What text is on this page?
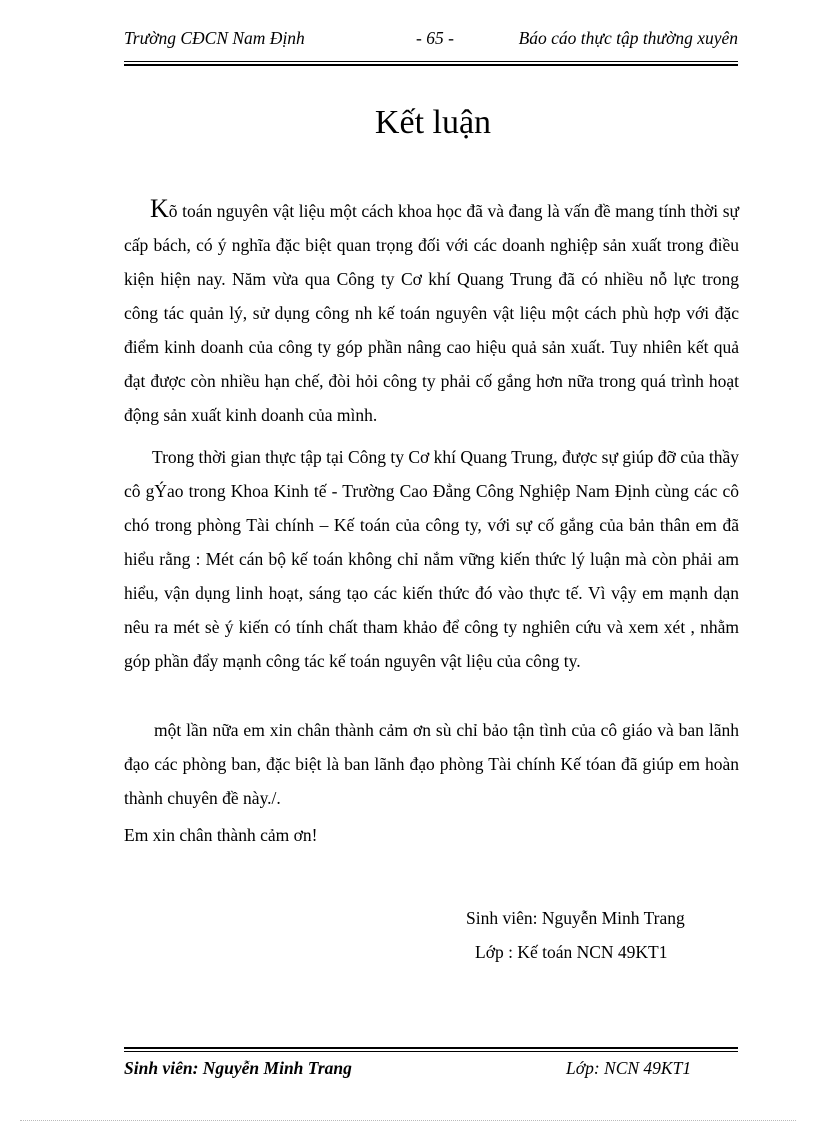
Trường CĐCN Nam Định	- 65 -	Báo cáo thực tập thường xuyên
Kết luận

Kõ toán nguyên vật liệu một cách khoa học đã và đang là vấn đề mang tính thời sự cấp bách, có ý nghĩa đặc biệt quan trọng đối với các doanh nghiệp sản xuất trong điều kiện hiện nay. Năm vừa qua Công ty Cơ khí Quang Trung đã có nhiều nỗ lực trong công tác quản lý, sử dụng công nh kế toán nguyên vật liệu một cách phù hợp với đặc điểm kinh doanh của công ty góp phần nâng cao hiệu quả sản xuất. Tuy nhiên kết quả đạt được còn nhiều hạn chế, đòi hỏi công ty phải cố gắng hơn nữa trong quá trình hoạt động sản xuất kinh doanh của mình.

Trong thời gian thực tập tại Công ty Cơ khí Quang Trung, được sự giúp đỡ của thầy cô gÝao trong Khoa Kinh tế - Trường Cao Đẳng Công Nghiệp Nam Định cùng các cô chó trong phòng Tài chính – Kế toán của công ty, với sự cố gắng của bản thân em đã hiểu rằng : Mét cán bộ kế toán không chỉ nắm vững kiến thức lý luận mà còn phải am hiểu, vận dụng linh hoạt, sáng tạo các kiến thức đó vào thực tế. Vì vậy em mạnh dạn nêu ra mét sè ý kiến có tính chất tham khảo để công ty nghiên cứu và xem xét , nhằm góp phần đẩy mạnh công tác kế toán nguyên vật liệu của công ty.

một lần nữa em xin chân thành cảm ơn sù chỉ bảo tận tình của cô giáo và ban lãnh đạo các phòng ban, đặc biệt là ban lãnh đạo phòng Tài chính Kế tóan đã giúp em hoàn thành chuyên đề này./.

Em xin chân thành cảm ơn!

Sinh viên: Nguyễn Minh Trang
Lớp : Kế toán NCN 49KT1
Sinh viên: Nguyễn Minh Trang	Lớp: NCN 49KT1
